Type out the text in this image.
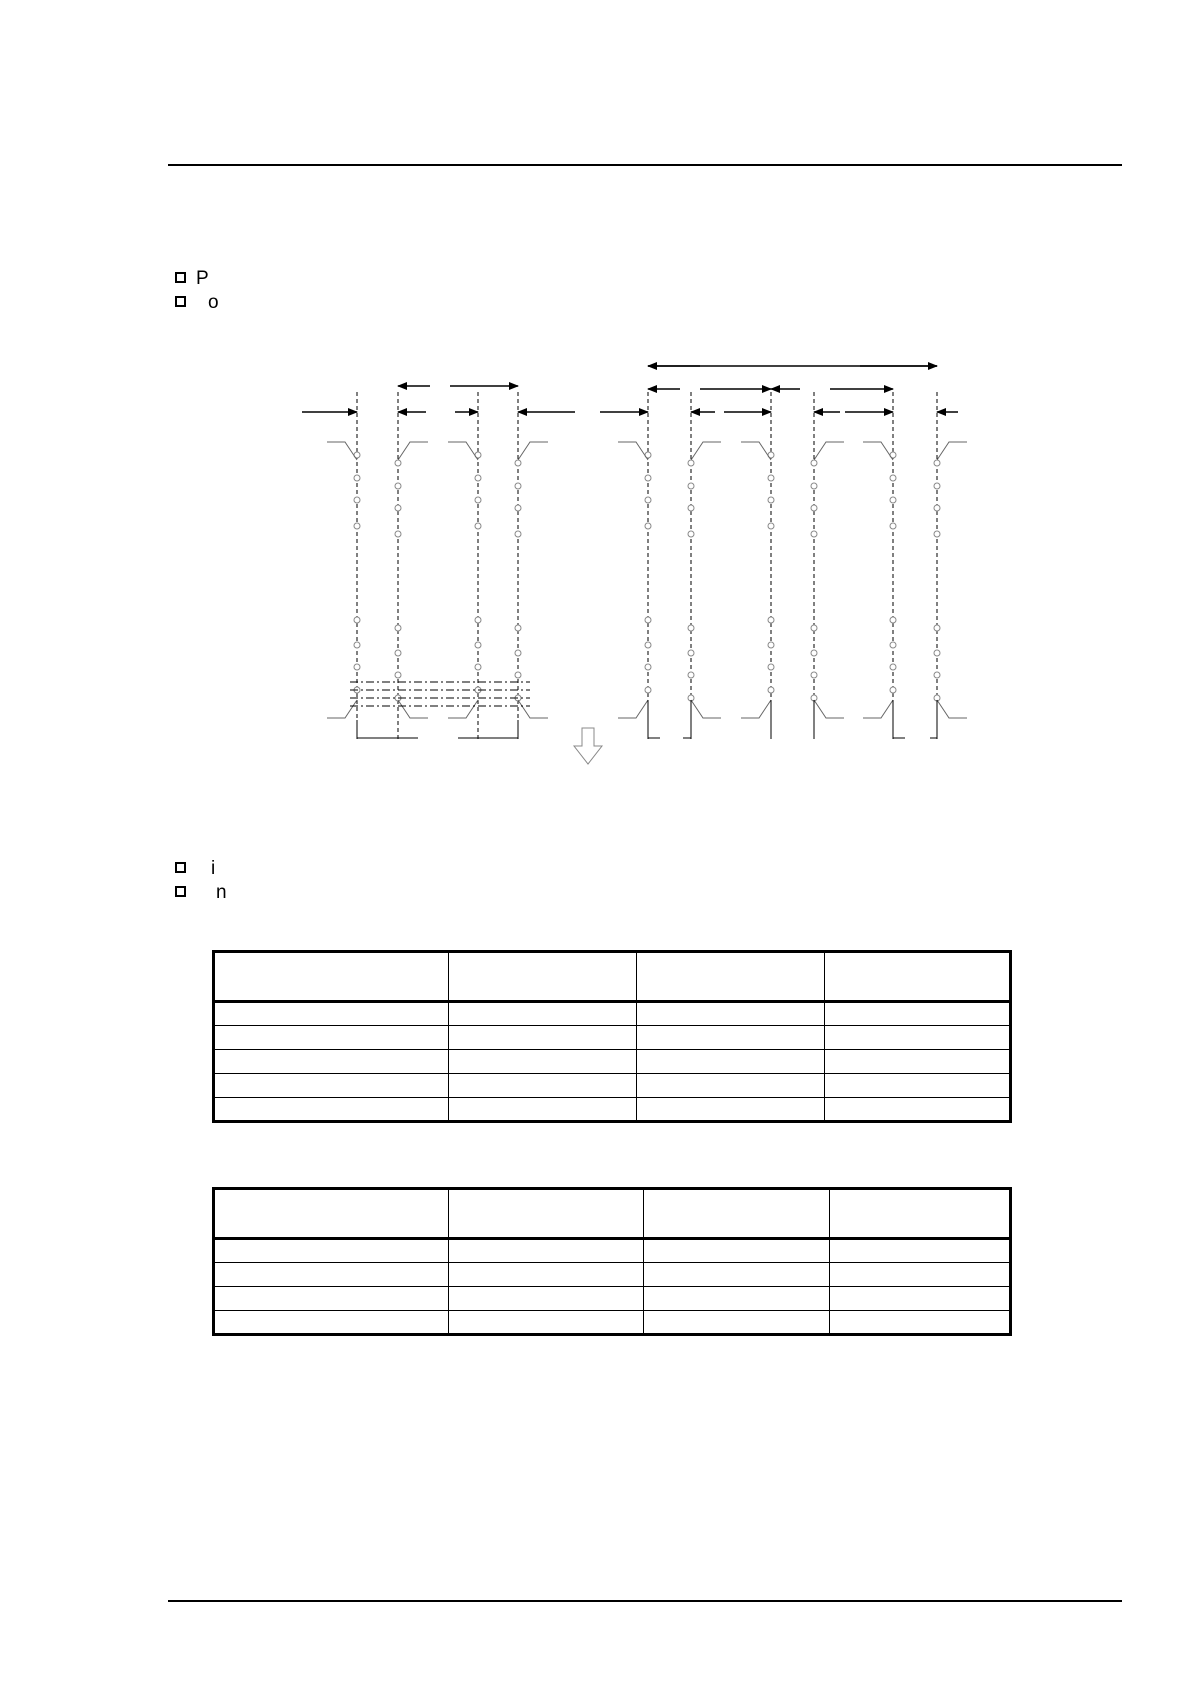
P
o
i
n
